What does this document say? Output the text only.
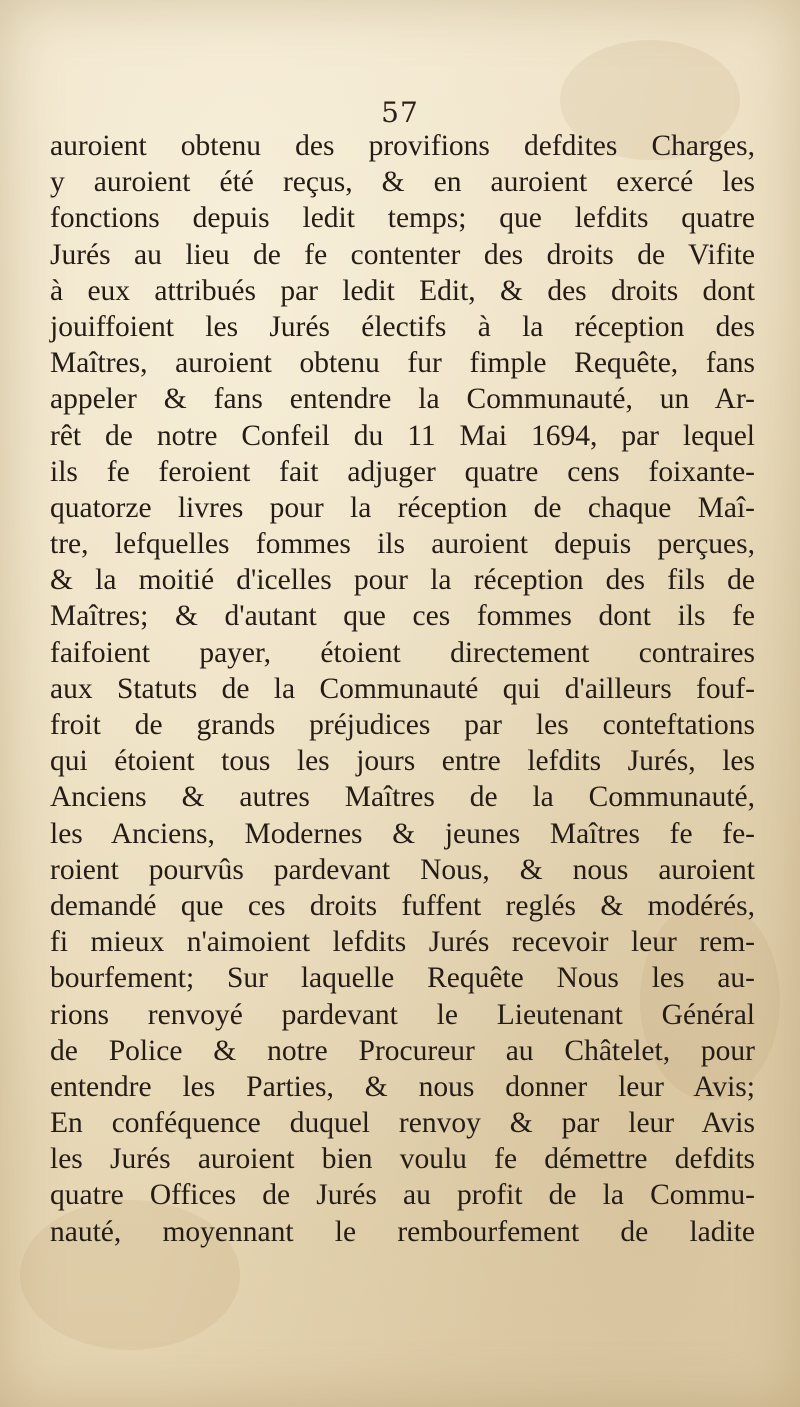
57
auroient obtenu des provifions defdites Charges,
y auroient été reçus, & en auroient exercé les
fonctions depuis ledit temps; que lefdits quatre
Jurés au lieu de fe contenter des droits de Vifite
à eux attribués par ledit Edit, & des droits dont
jouiffoient les Jurés électifs à la réception des
Maîtres, auroient obtenu fur fimple Requête, fans
appeler & fans entendre la Communauté, un Ar-
rêt de notre Confeil du 11 Mai 1694, par lequel
ils fe feroient fait adjuger quatre cens foixante-
quatorze livres pour la réception de chaque Maî-
tre, lefquelles fommes ils auroient depuis perçues,
& la moitié d'icelles pour la réception des fils de
Maîtres; & d'autant que ces fommes dont ils fe
faifoient payer, étoient directement contraires
aux Statuts de la Communauté qui d'ailleurs fouf-
froit de grands préjudices par les conteftations
qui étoient tous les jours entre lefdits Jurés, les
Anciens & autres Maîtres de la Communauté,
les Anciens, Modernes & jeunes Maîtres fe fe-
roient pourvûs pardevant Nous, & nous auroient
demandé que ces droits fuffent reglés & modérés,
fi mieux n'aimoient lefdits Jurés recevoir leur rem-
bourfement; Sur laquelle Requête Nous les au-
rions renvoyé pardevant le Lieutenant Général
de Police & notre Procureur au Châtelet, pour
entendre les Parties, & nous donner leur Avis;
En conféquence duquel renvoy & par leur Avis
les Jurés auroient bien voulu fe démettre defdits
quatre Offices de Jurés au profit de la Commu-
nauté, moyennant le rembourfement de ladite
